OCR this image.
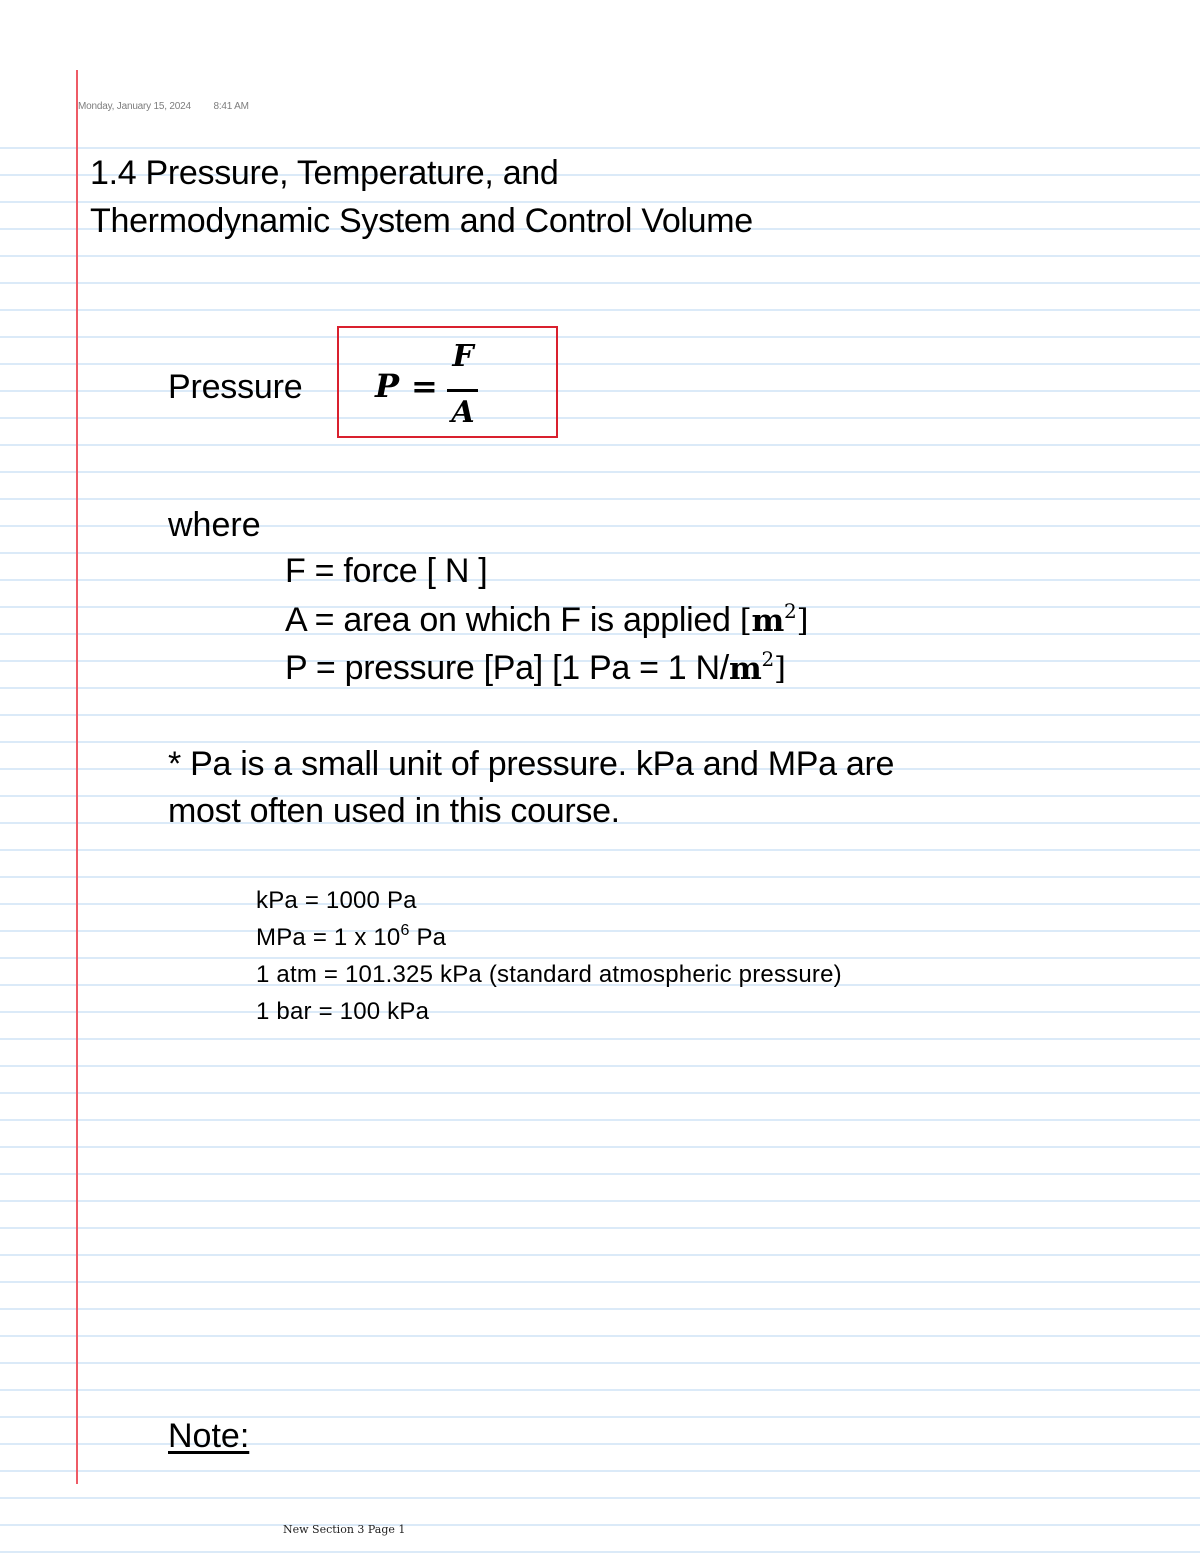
Monday, January 15, 2024 8:41 AM
1.4 Pressure, Temperature, and
Thermodynamic System and Control Volume
Pressure P =
F
A
where
F = force [ N ]
A = area on which F is applied $[m^2]$
P = pressure [Pa] [1 Pa = 1 $N/m^2$]
* Pa is a small unit of pressure. kPa and MPa are
most often used in this course.
kPa = 1000 Pa
MPa = 1 x $10^6$ Pa
1 atm = 101.325 kPa (standard atmospheric pressure)
1 bar = 100 kPa
Note:
New Section 3 Page 1
